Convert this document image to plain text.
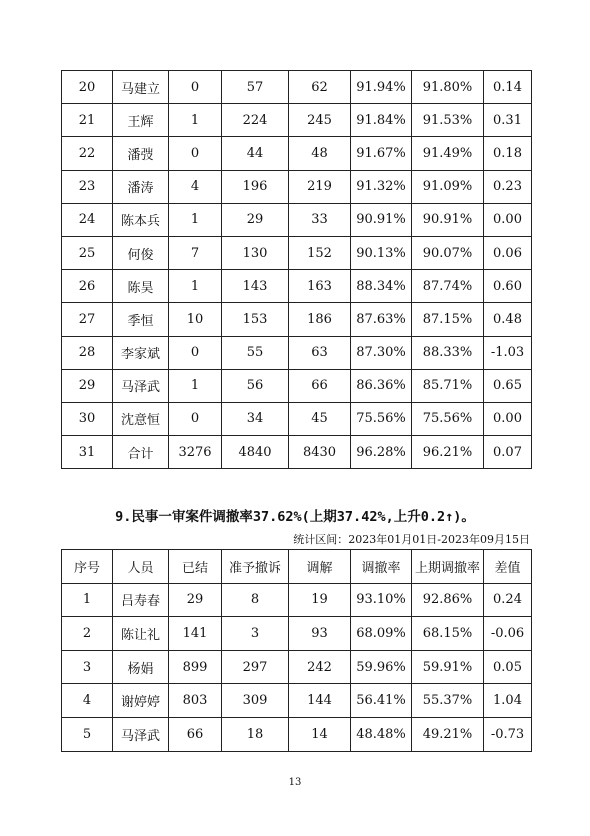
20	马建立	0	57	62	91.94%	91.80%	0.14
21	王辉	1	224	245	91.84%	91.53%	0.31
22	潘弢	0	44	48	91.67%	91.49%	0.18
23	潘涛	4	196	219	91.32%	91.09%	0.23
24	陈本兵	1	29	33	90.91%	90.91%	0.00
25	何俊	7	130	152	90.13%	90.07%	0.06
26	陈昊	1	143	163	88.34%	87.74%	0.60
27	季恒	10	153	186	87.63%	87.15%	0.48
28	李家斌	0	55	63	87.30%	88.33%	-1.03
29	马泽武	1	56	66	86.36%	85.71%	0.65
30	沈意恒	0	34	45	75.56%	75.56%	0.00
31	合计	3276	4840	8430	96.28%	96.21%	0.07
9.民事一审案件调撤率37.62%(上期37.42%,上升0.2↑)。
统计区间：2023年01月01日-2023年09月15日
序号	人员	已结	准予撤诉	调解	调撤率	上期调撤率	差值
1	吕寿春	29	8	19	93.10%	92.86%	0.24
2	陈让礼	141	3	93	68.09%	68.15%	-0.06
3	杨娟	899	297	242	59.96%	59.91%	0.05
4	谢婷婷	803	309	144	56.41%	55.37%	1.04
5	马泽武	66	18	14	48.48%	49.21%	-0.73
13
